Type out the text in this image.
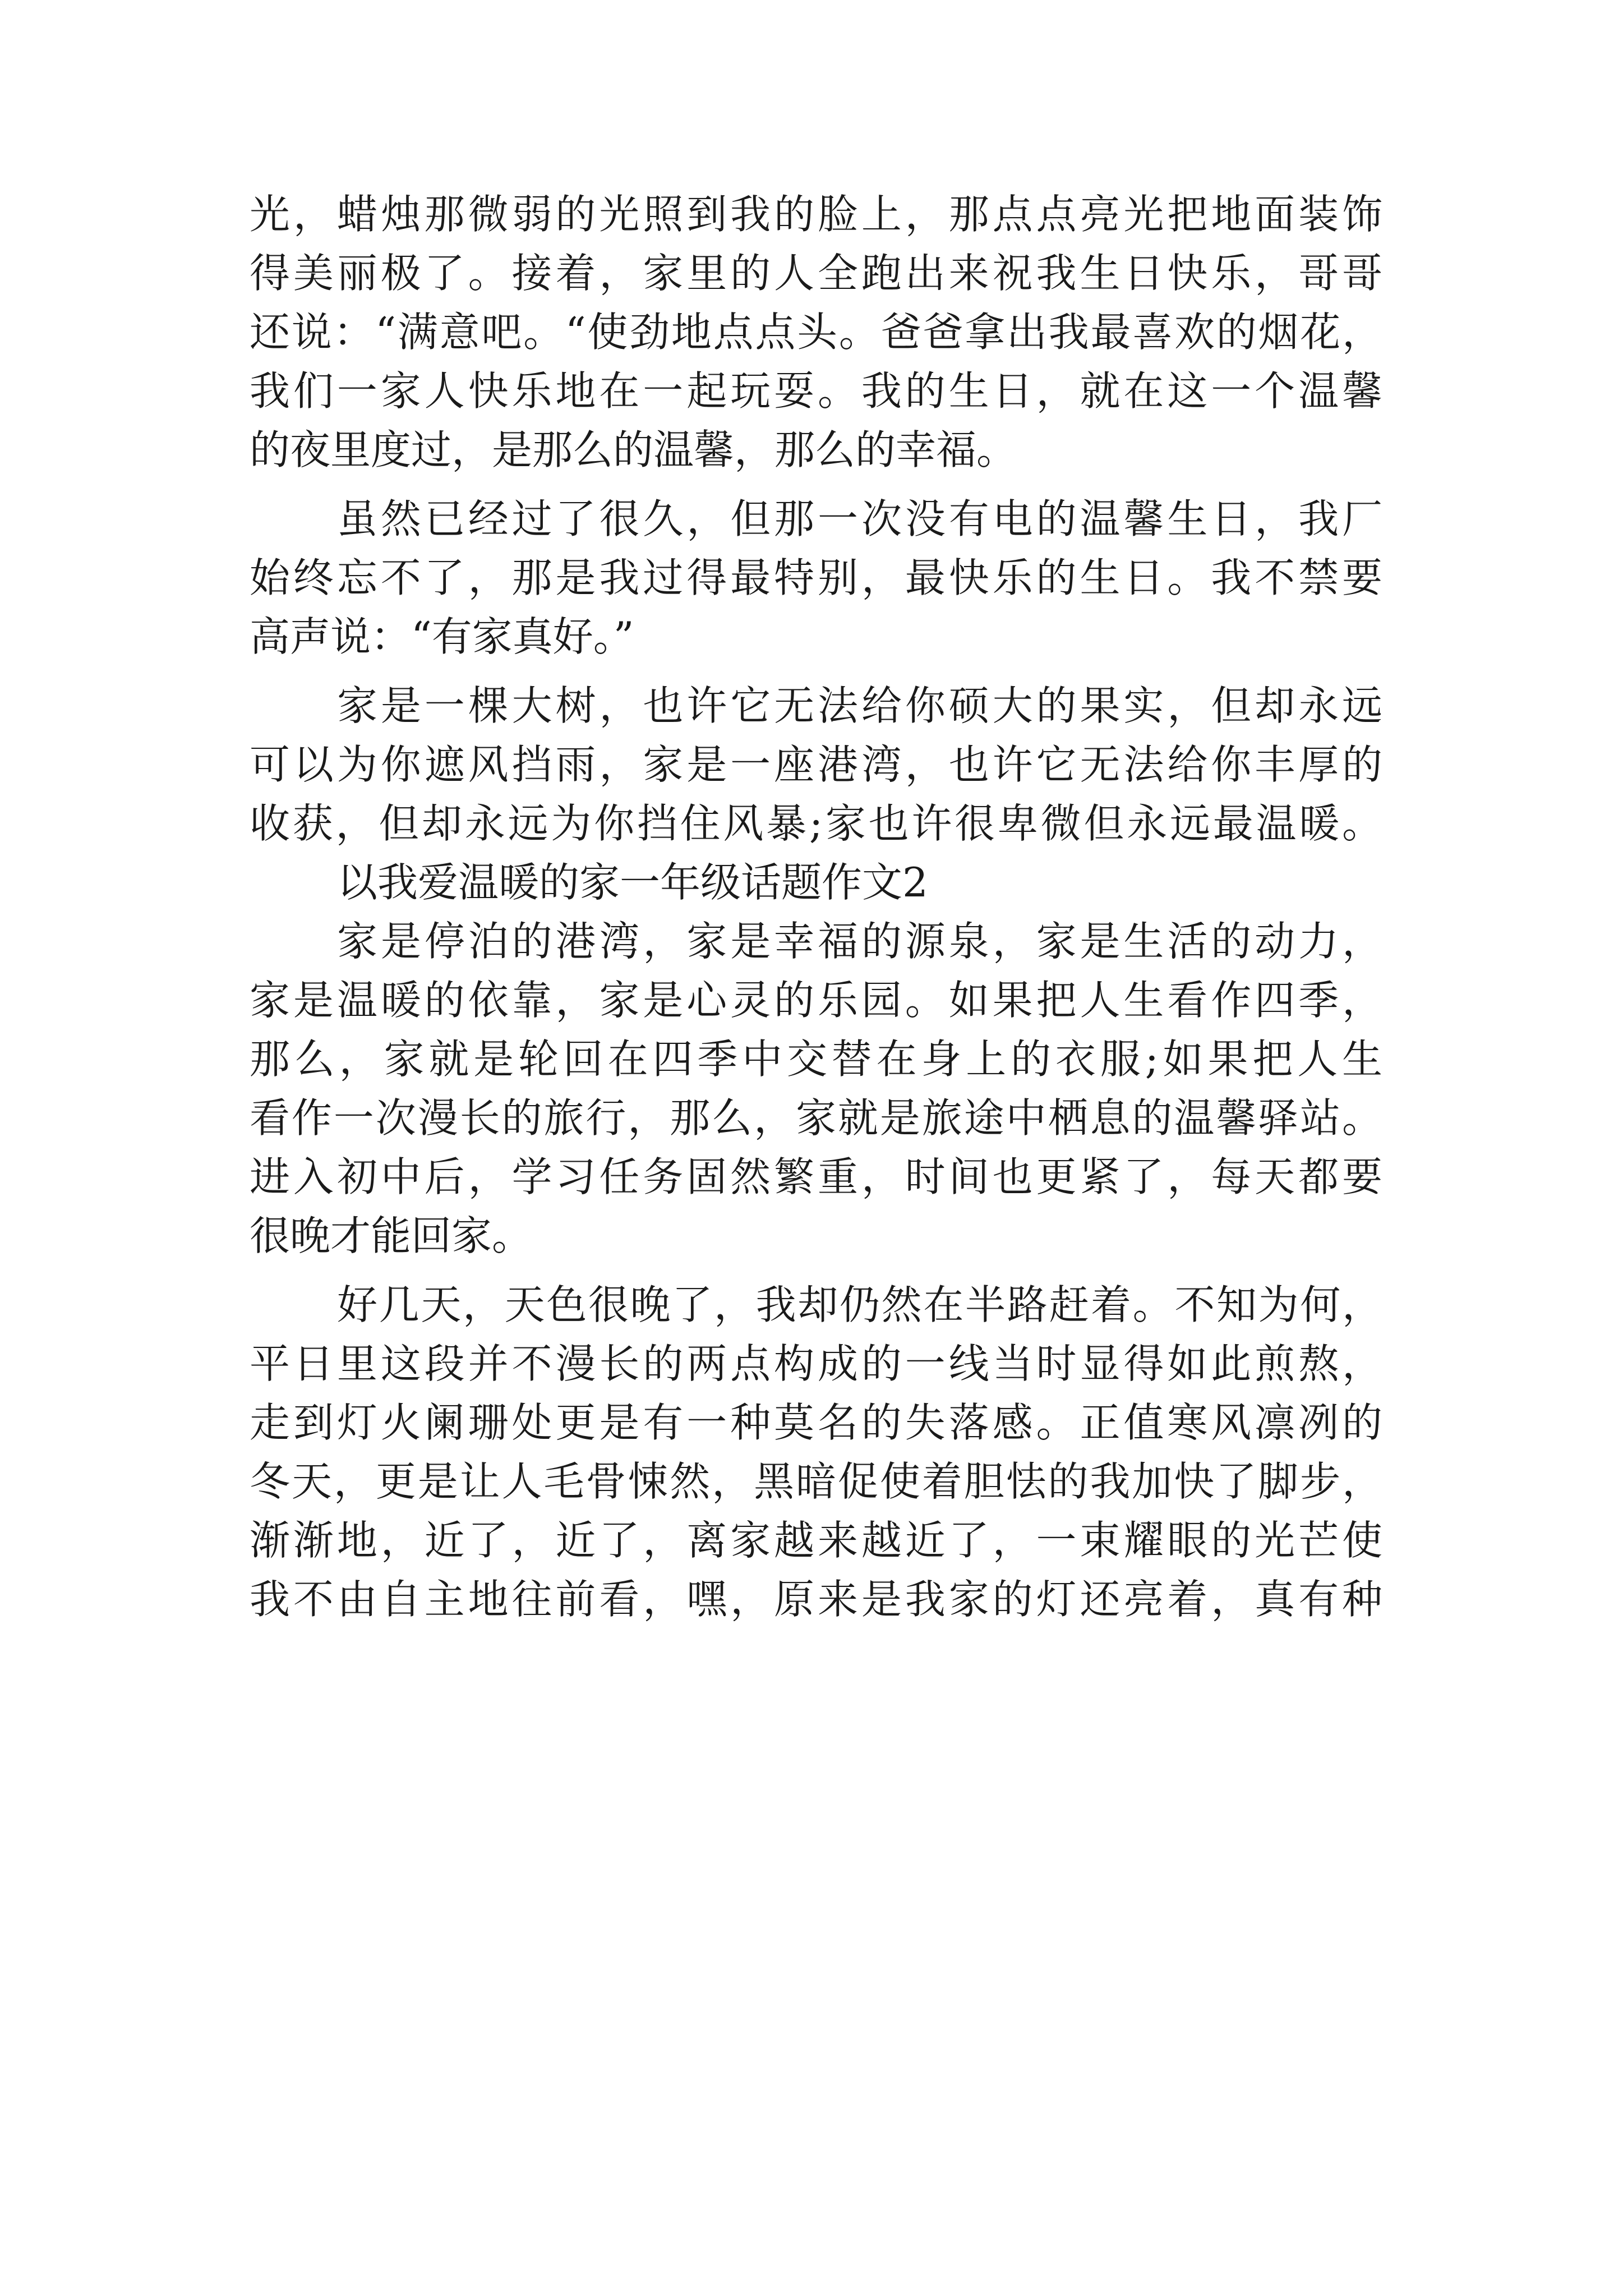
光，蜡烛那微弱的光照到我的脸上，那点点亮光把地面装饰
得美丽极了。接着，家里的人全跑出来祝我生日快乐，哥哥
还说：“满意吧。“使劲地点点头。爸爸拿出我最喜欢的烟花，
我们一家人快乐地在一起玩耍。我的生日，就在这一个温馨
的夜里度过，是那么的温馨，那么的幸福。
虽然已经过了很久，但那一次没有电的温馨生日，我厂
始终忘不了，那是我过得最特别，最快乐的生日。我不禁要
高声说：“有家真好。”
家是一棵大树，也许它无法给你硕大的果实，但却永远
可以为你遮风挡雨，家是一座港湾，也许它无法给你丰厚的
收获，但却永远为你挡住风暴;家也许很卑微但永远最温暖。
以我爱温暖的家一年级话题作文2
家是停泊的港湾，家是幸福的源泉，家是生活的动力，
家是温暖的依靠，家是心灵的乐园。如果把人生看作四季，
那么，家就是轮回在四季中交替在身上的衣服;如果把人生
看作一次漫长的旅行，那么，家就是旅途中栖息的温馨驿站。
进入初中后，学习任务固然繁重，时间也更紧了，每天都要
很晚才能回家。
好几天，天色很晚了，我却仍然在半路赶着。不知为何，
平日里这段并不漫长的两点构成的一线当时显得如此煎熬，
走到灯火阑珊处更是有一种莫名的失落感。正值寒风凛冽的
冬天，更是让人毛骨悚然，黑暗促使着胆怯的我加快了脚步，
渐渐地，近了，近了，离家越来越近了，一束耀眼的光芒使
我不由自主地往前看，嘿，原来是我家的灯还亮着，真有种
